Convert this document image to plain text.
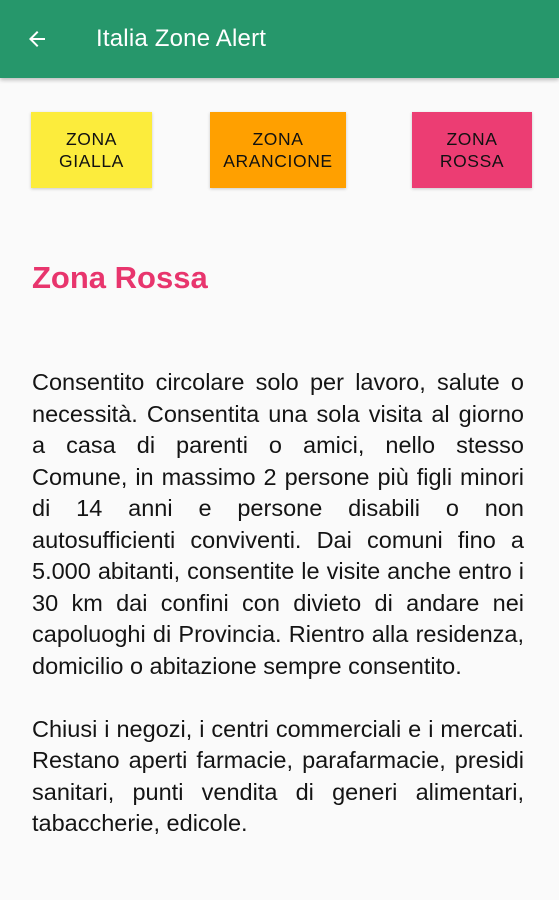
Italia Zone Alert
ZONA
GIALLA
ZONA
ARANCIONE
ZONA
ROSSA
Zona Rossa

Consentito circolare solo per lavoro, salute o necessità. Consentita una sola visita al giorno a casa di parenti o amici, nello stesso Comune, in massimo 2 persone più figli minori di 14 anni e persone disabili o non autosufficienti conviventi. Dai comuni fino a 5.000 abitanti, consentite le visite anche entro i 30 km dai confini con divieto di andare nei capoluoghi di Provincia. Rientro alla residenza, domicilio o abitazione sempre consentito.

Chiusi i negozi, i centri commerciali e i mercati. Restano aperti farmacie, parafarmacie, presidi sanitari, punti vendita di generi alimentari, tabaccherie, edicole.
